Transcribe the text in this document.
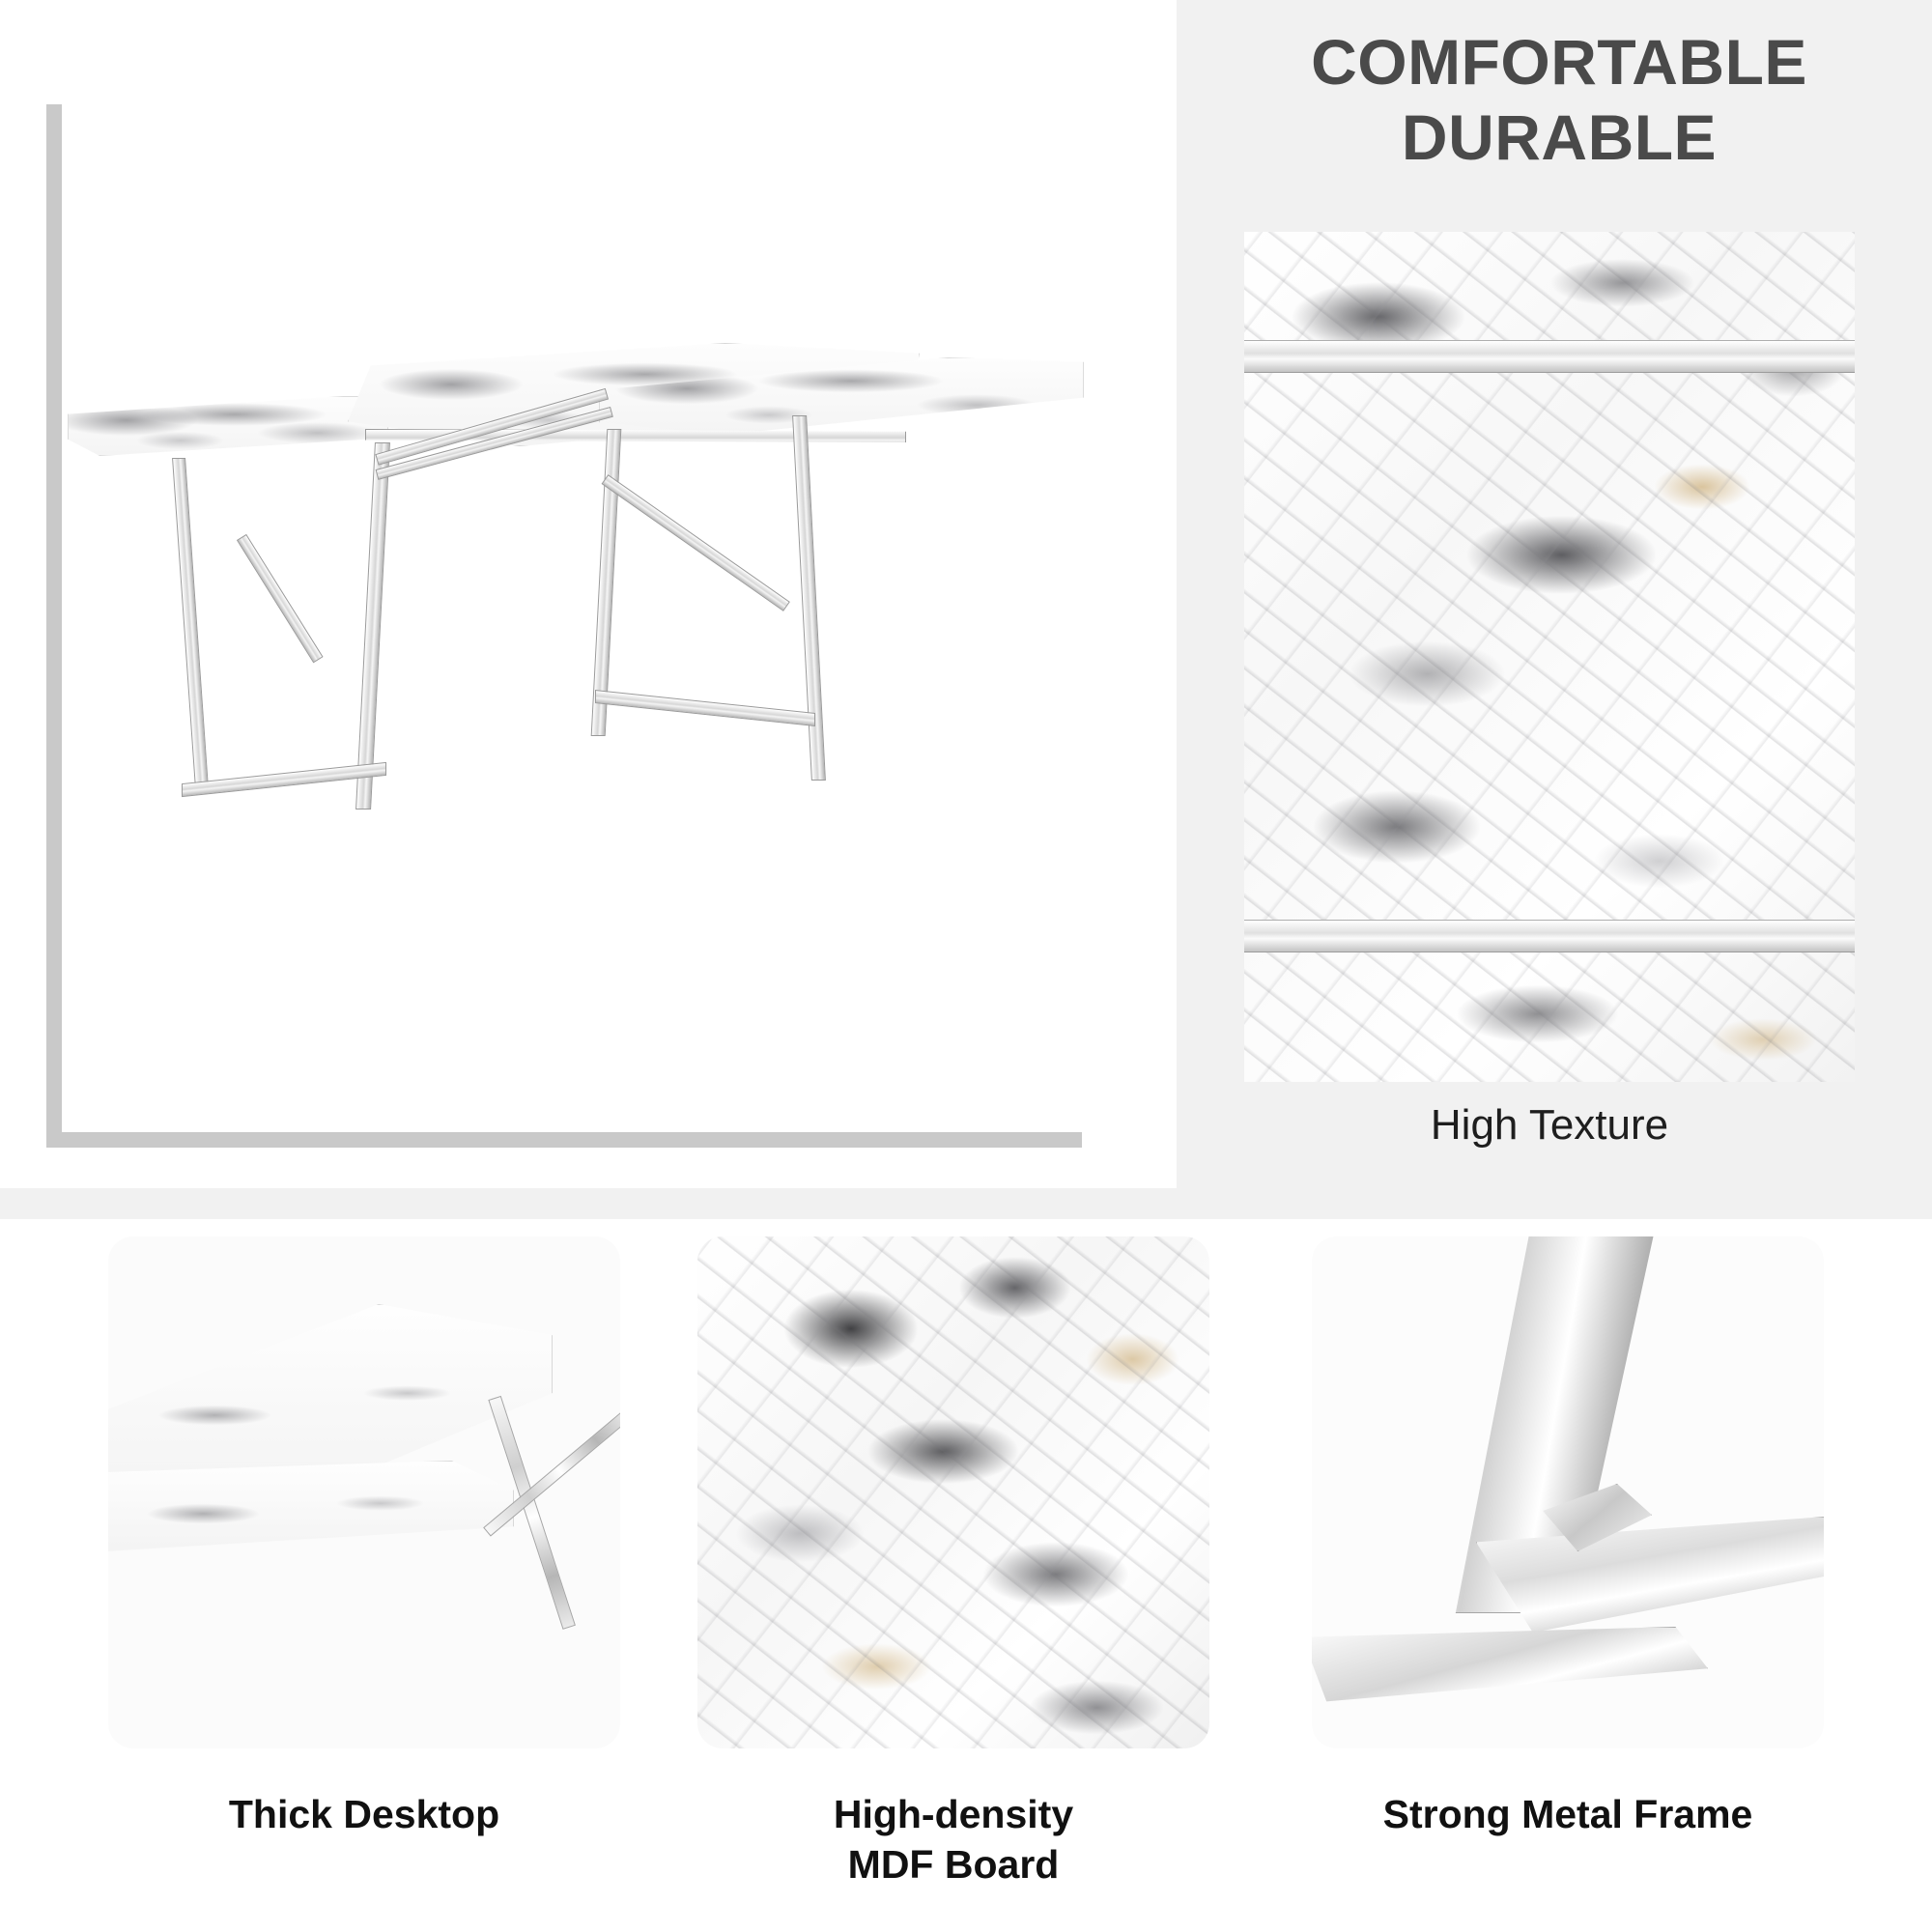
COMFORTABLE
DURABLE
High Texture
Thick Desktop	High-density
MDF Board
Strong Metal Frame
